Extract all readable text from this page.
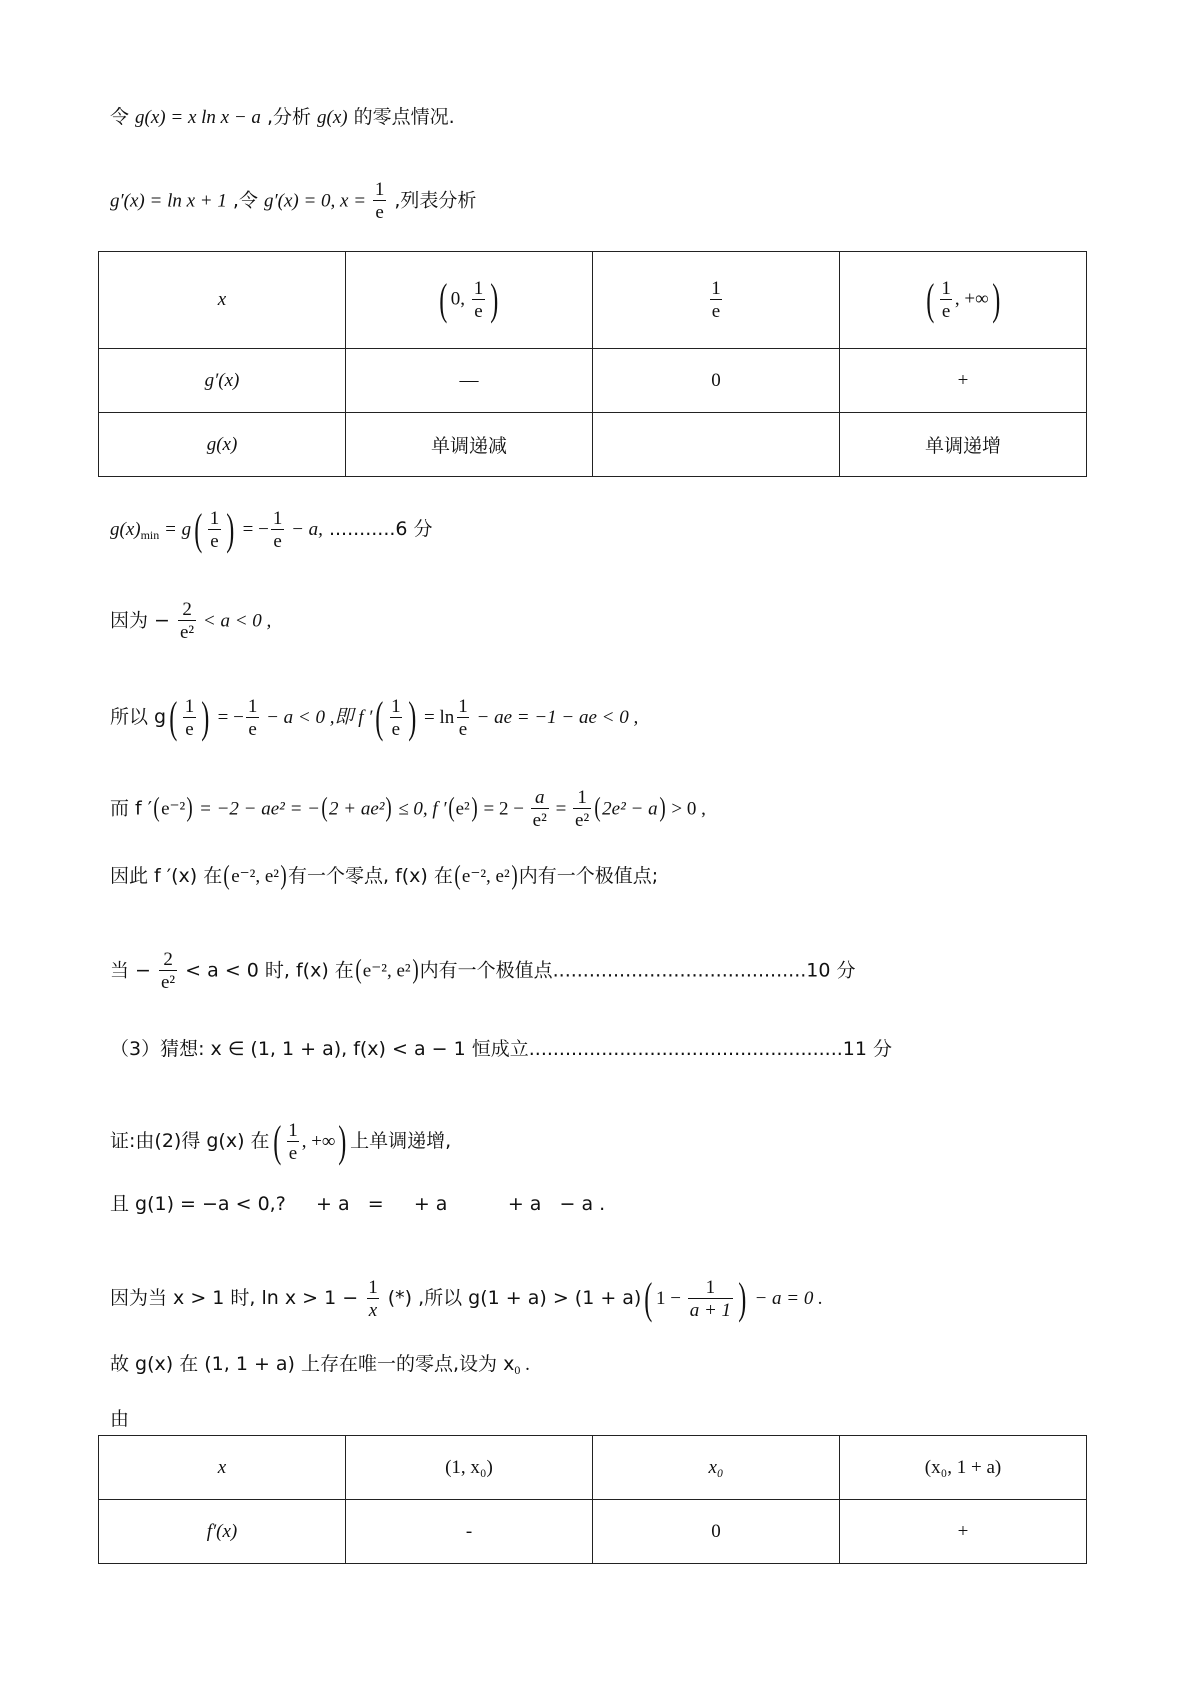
令 g(x) = x ln x − a ,分析 g(x) 的零点情况.
g′(x) = ln x + 1 ,令 g′(x) = 0, $x = \frac{1}{e}$ ,列表分析
x	( 0, $\frac{1}{e}$ )	$\frac{1}{e}$	( $\frac{1}{e}$ , +∞)
g′(x)	—	0	+
g(x)	单调递减		单调递增
$g(x)_{min} = g( \frac{1}{e}$ ) = − $\frac{1}{e} - a$, ...........6 分
因为 − $\frac{2}{\text{e²}} < a < 0$ ,
所以 $g( \frac{1}{e}$ ) = − $\frac{1}{e} - a < 0$ ,即 f ′( $\frac{1}{e}$ ) = $\ln \frac{1}{e}$ − ae = −1 − ae < 0 ,
而 f ′(e⁻²) = −2 − ae² = −(2 + ae²) ≤ 0, f $'(e^2) = 2 - \frac{a}{\text{e²}} = \frac{1}{\text{e²}} (2e^2 - a) > 0$ ,
因此 f ′(x) 在(e⁻², e²)有一个零点, f(x) 在(e⁻², e²)内有一个极值点;
当 − $\frac{2}{\text{e²}} < a < 0$ 时, f(x) 在(e⁻², e²)内有一个极值点..........................................10 分
（3）猜想: x ∈ (1, 1 + a), f(x) < a − 1 恒成立....................................................11 分
证:由(2)得 g(x) 在( $\frac{1}{e}$ , +∞) 上单调递增,
且 g(1) = −a < 0,?     + a   =     + a          + a   − a .
因为当 x > 1 时, $\ln x > 1 - \frac{1}{x}$ (*) ,所以 g(1 + a) > (1 + a)( $1 - \frac{1}{a + 1}$ ) − a = 0 .
故 g(x) 在 (1, 1 + a) 上存在唯一的零点,设为 $x_0$ .
由
x	(1, x₀)	x₀	(x₀, 1 + a)
f′(x)	-	0	+
